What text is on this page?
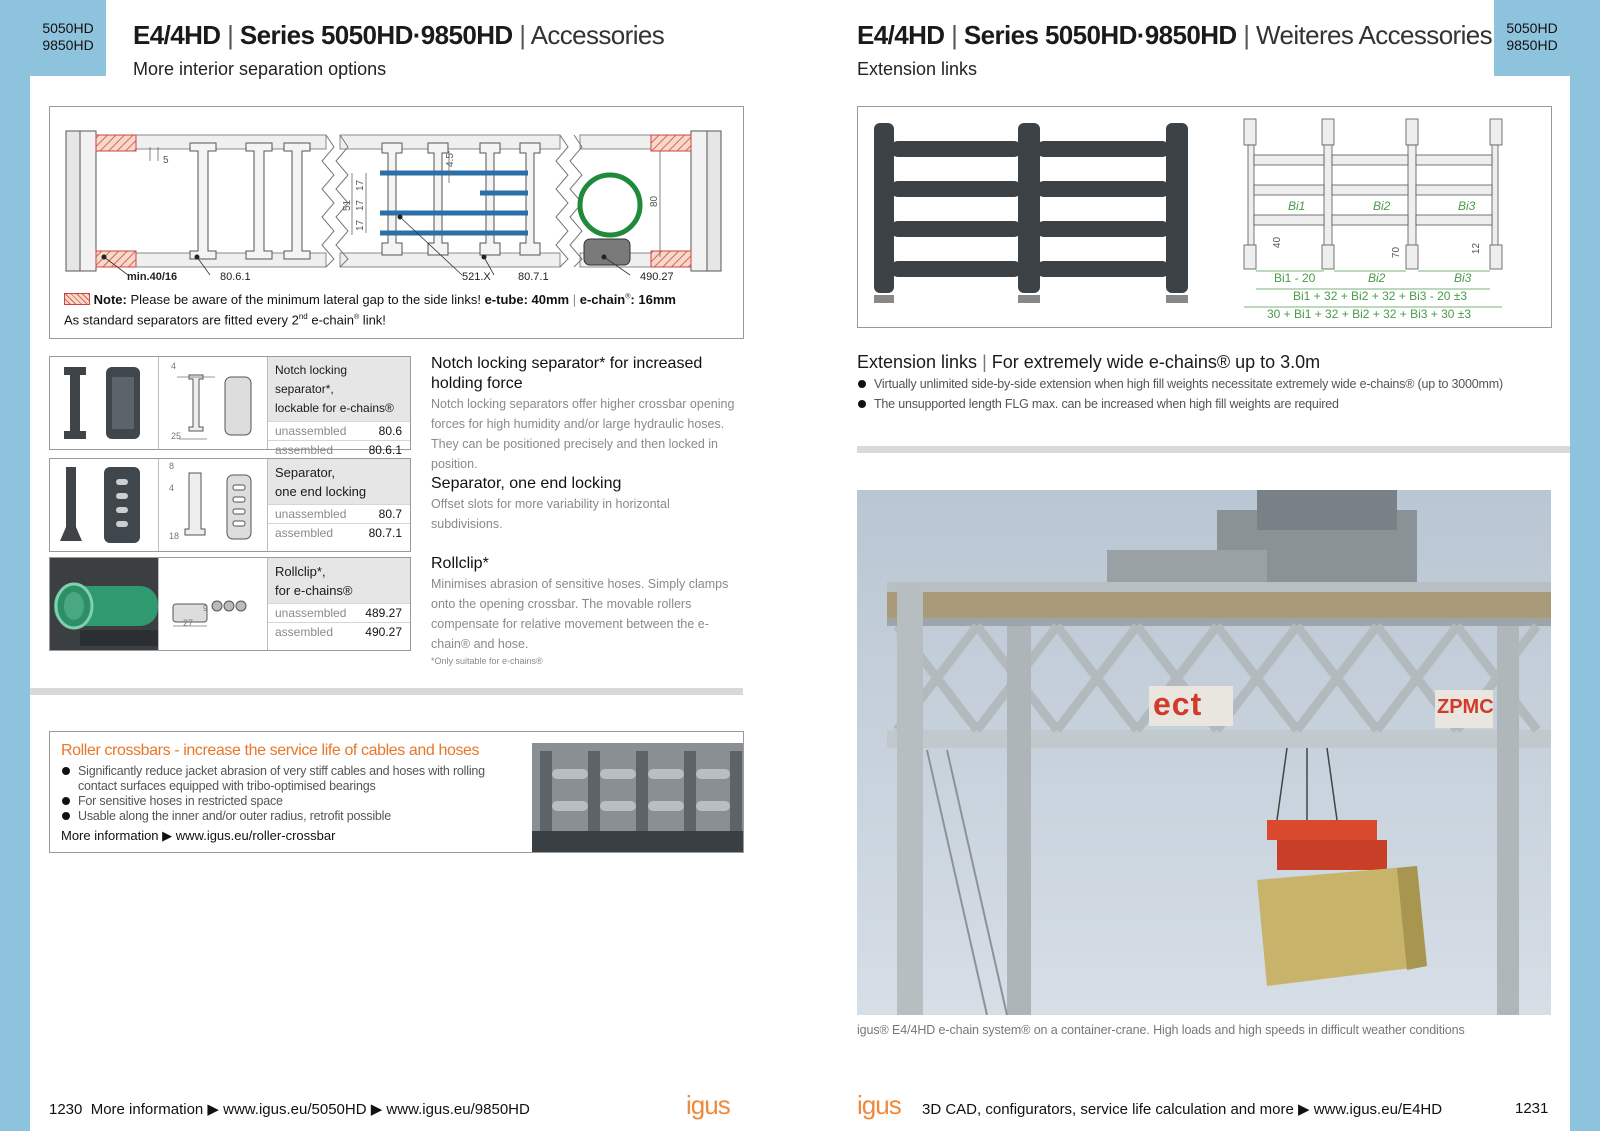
5050HD
9850HD	E4/4HD | Series 5050HD·9850HD | Accessories
More interior separation options
5	4.5
51
17
17
17
80
min.40/16	80.6.1	521.X 80.7.1	490.27
Note: Please be aware of the minimum lateral gap to the side links! e-tube: 40mm | e-chain®: 16mm
As standard separators are fitted every 2nd e-chain® link!
4
25
Notch locking separator*,
lockable for e-chains®
unassembled	80.6
assembled	80.6.1
Notch locking separator* for increased holding force
Notch locking separators offer higher crossbar opening forces for high humidity and/or large hydraulic hoses. They can be positioned precisely and then locked in position.
8
4
18
Separator,
one end locking
unassembled	80.7
assembled	80.7.1
Separator, one end locking
Offset slots for more variability in horizontal subdivisions.
27
9
Rollclip*,
for e-chains®
unassembled 489.27
assembled	490.27
Rollclip*
Minimises abrasion of sensitive hoses. Simply clamps onto the opening crossbar. The movable rollers compensate for relative movement between the e-chain® and hose.
*Only suitable for e-chains®
Roller crossbars - increase the service life of cables and hoses
Significantly reduce jacket abrasion of very stiff cables and hoses with rolling contact surfaces equipped with tribo-optimised bearings
For sensitive hoses in restricted space
Usable along the inner and/or outer radius, retrofit possible
More information ▶ www.igus.eu/roller-crossbar
1230 More information ▶ www.igus.eu/5050HD ▶ www.igus.eu/9850HD	igus
5050HD
9850HD
E4/4HD | Series 5050HD·9850HD | Weiteres Accessories
Extension links
Bi1	Bi2	Bi3
40
70	12
Bi1 - 20	Bi2	Bi3
Bi1 + 32 + Bi2 + 32 + Bi3 - 20 ±3
30 + Bi1 + 32 + Bi2 + 32 + Bi3 + 30 ±3
Extension links | For extremely wide e-chains® up to 3.0m
Virtually unlimited side-by-side extension when high fill weights necessitate extremely wide e-chains® (up to 3000mm)
The unsupported length FLG max. can be increased when high fill weights are required
ect	ZPMC
igus® E4/4HD e-chain system® on a container-crane. High loads and high speeds in difficult weather conditions
igus 3D CAD, configurators, service life calculation and more ▶ www.igus.eu/E4HD	1231
